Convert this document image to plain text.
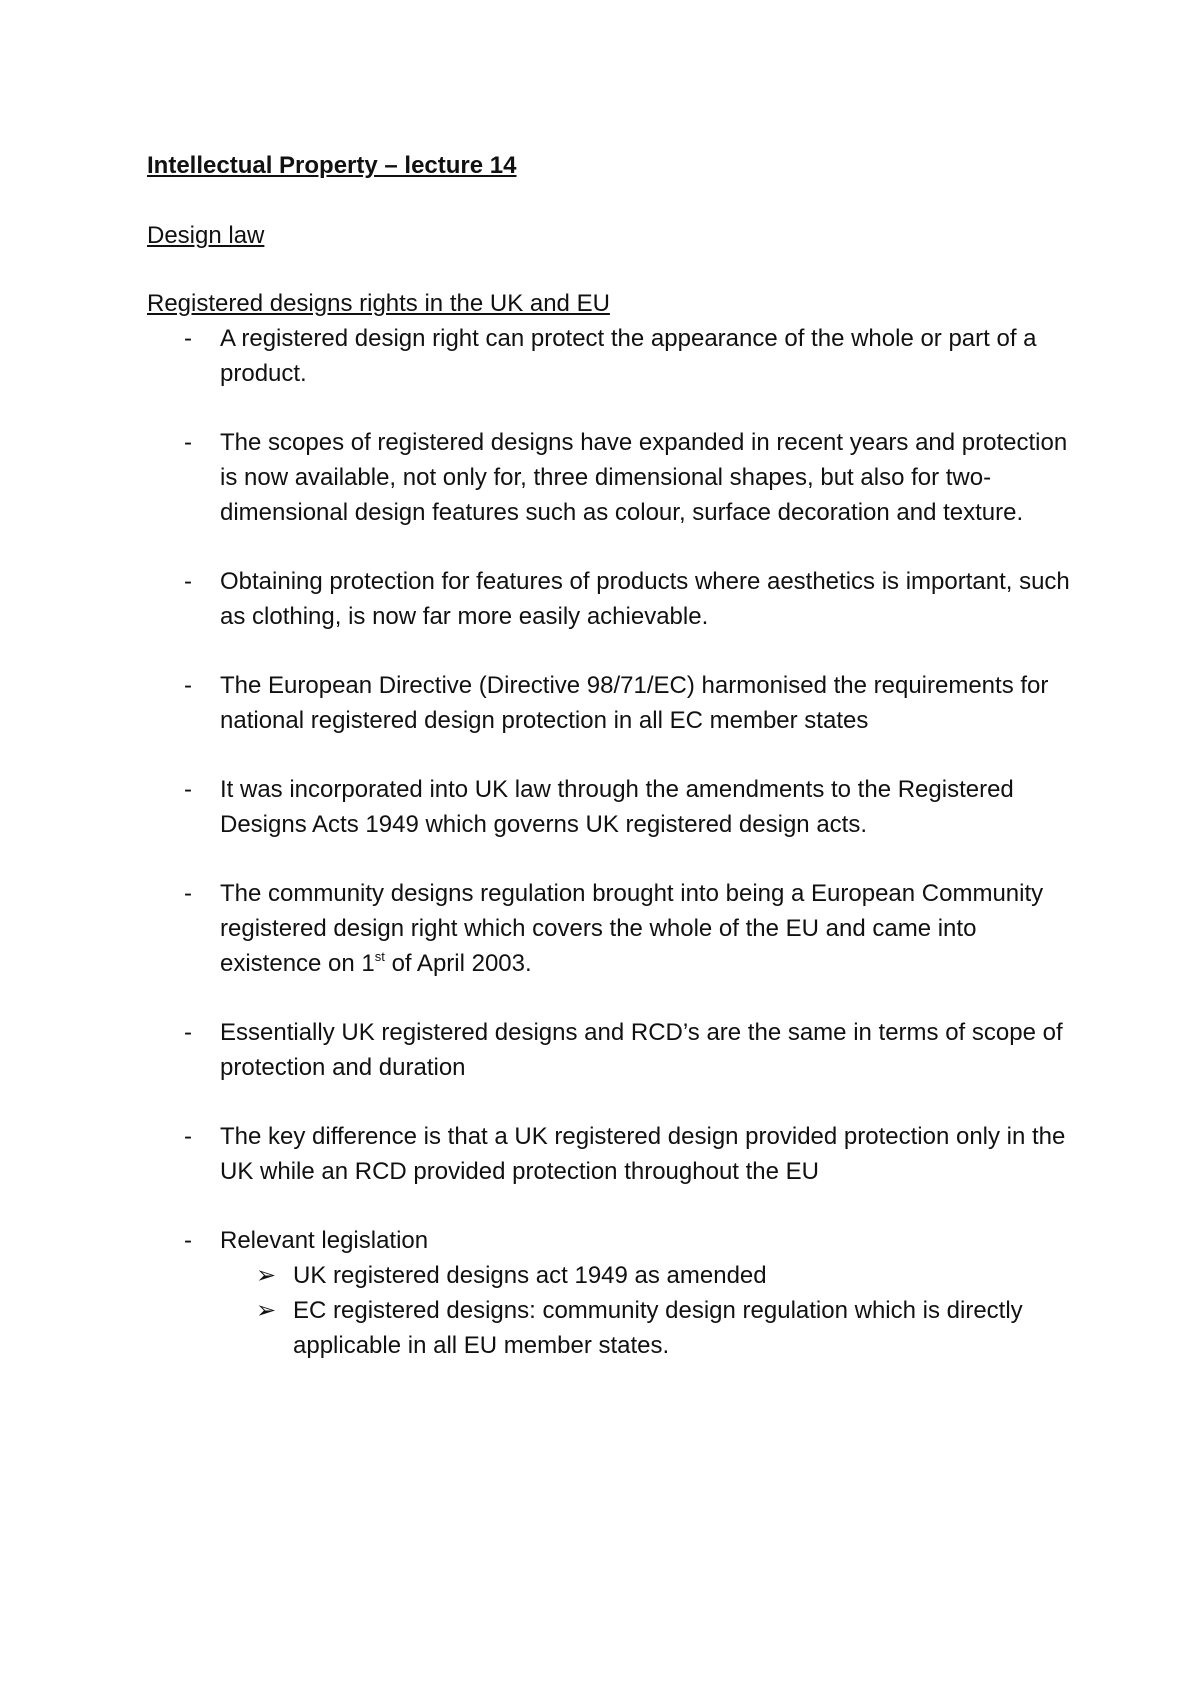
Intellectual Property – lecture 14

Design law

Registered designs rights in the UK and EU

- A registered design right can protect the appearance of the whole or part of a product.
- The scopes of registered designs have expanded in recent years and protection is now available, not only for, three dimensional shapes, but also for two- dimensional design features such as colour, surface decoration and texture.
- Obtaining protection for features of products where aesthetics is important, such as clothing, is now far more easily achievable.
- The European Directive (Directive 98/71/EC) harmonised the requirements for national registered design protection in all EC member states
- It was incorporated into UK law through the amendments to the Registered Designs Acts 1949 which governs UK registered design acts.
- The community designs regulation brought into being a European Community registered design right which covers the whole of the EU and came into existence on 1st of April 2003.
- Essentially UK registered designs and RCD’s are the same in terms of scope of protection and duration
- The key difference is that a UK registered design provided protection only in the UK while an RCD provided protection throughout the EU
- Relevant legislation
➢ UK registered designs act 1949 as amended
➢ EC registered designs: community design regulation which is directly applicable in all EU member states.
